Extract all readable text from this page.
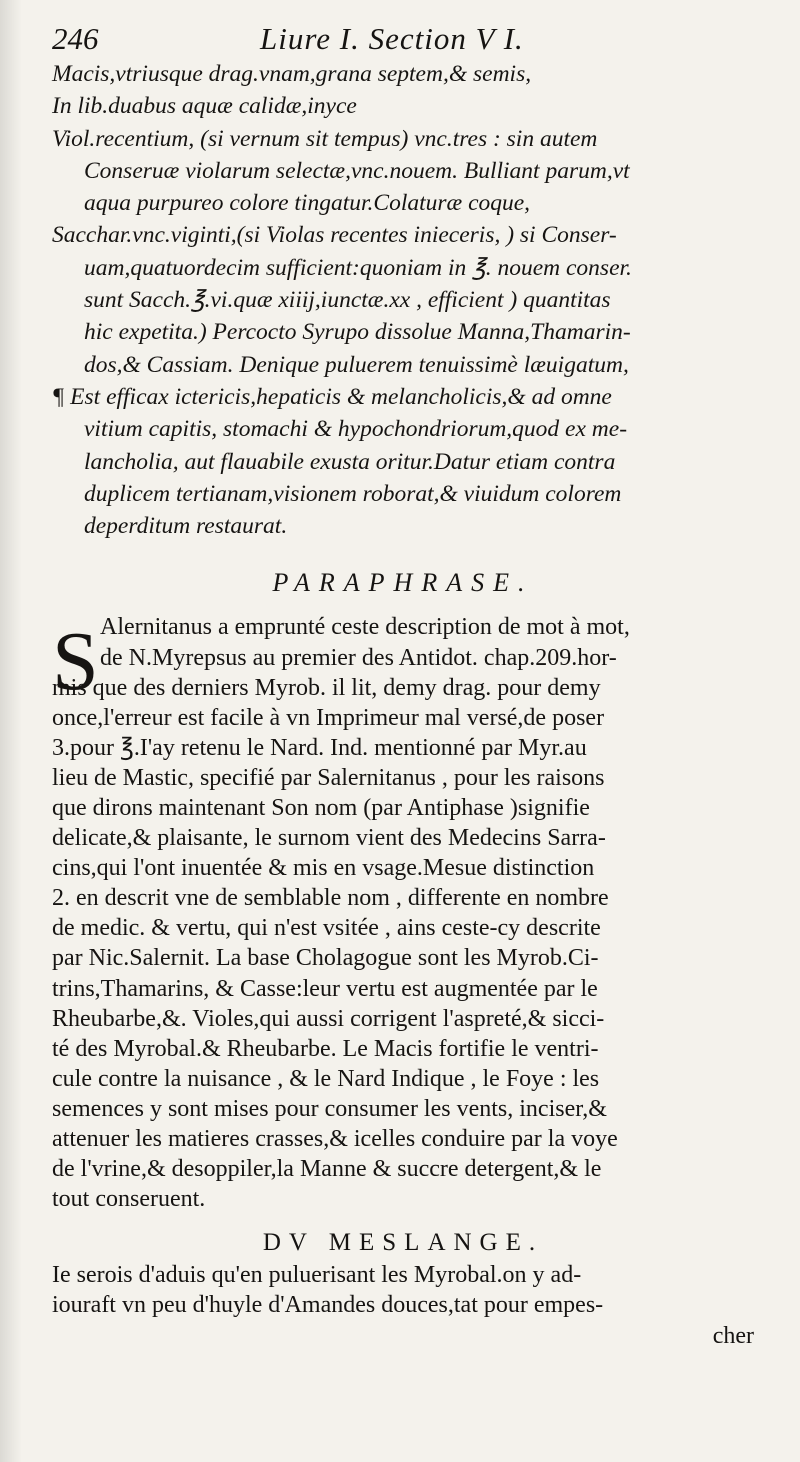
246	Liure I. Section V I.
Macis,vtriusque drag.vnam,grana septem,& semis,
In lib.duabus aquæ calidæ,inyce
Viol.recentium, (si vernum sit tempus) vnc.tres : sin autem
Conseruæ violarum selectæ,vnc.nouem. Bulliant parum,vt
aqua purpureo colore tingatur.Colaturæ coque,
Sacchar.vnc.viginti,(si Violas recentes inieceris, ) si Conser-
uam,quatuordecim sufficient:quoniam in ℥. nouem conser.
sunt Sacch.℥.vi.quæ xiiij,iunctæ.xx , efficient ) quantitas
hic expetita.) Percocto Syrupo dissolue Manna,Thamarin-
dos,& Cassiam. Denique puluerem tenuissimè læuigatum,
¶ Est efficax ictericis,hepaticis & melancholicis,& ad omne
vitium capitis, stomachi & hypochondriorum,quod ex me-
lancholia, aut flauabile exusta oritur.Datur etiam contra
duplicem tertianam,visionem roborat,& viuidum colorem
deperditum restaurat.
PARAPHRASE.
S Alernitanus a emprunté ceste description de mot à mot,
de N.Myrepsus au premier des Antidot. chap.209.hor-
mis que des derniers Myrob. il lit, demy drag. pour demy
once,l'erreur est facile à vn Imprimeur mal versé,de poser
3.pour ℥.I'ay retenu le Nard. Ind. mentionné par Myr.au
lieu de Mastic, specifié par Salernitanus , pour les raisons
que dirons maintenant Son nom (par Antiphase )signifie
delicate,& plaisante, le surnom vient des Medecins Sarra-
cins,qui l'ont inuentée & mis en vsage.Mesue distinction
2. en descrit vne de semblable nom , differente en nombre
de medic. & vertu, qui n'est vsitée , ains ceste-cy descrite
par Nic.Salernit. La base Cholagogue sont les Myrob.Ci-
trins,Thamarins, & Casse:leur vertu est augmentée par le
Rheubarbe,&. Violes,qui aussi corrigent l'aspreté,& sicci-
té des Myrobal.& Rheubarbe. Le Macis fortifie le ventri-
cule contre la nuisance , & le Nard Indique , le Foye : les
semences y sont mises pour consumer les vents, inciser,&
attenuer les matieres crasses,& icelles conduire par la voye
de l'vrine,& desoppiler,la Manne & succre detergent,& le
tout conseruent.
DV MESLANGE.
Ie serois d'aduis qu'en puluerisant les Myrobal.on y ad-
iouraft vn peu d'huyle d'Amandes douces,tat pour empes-
cher
